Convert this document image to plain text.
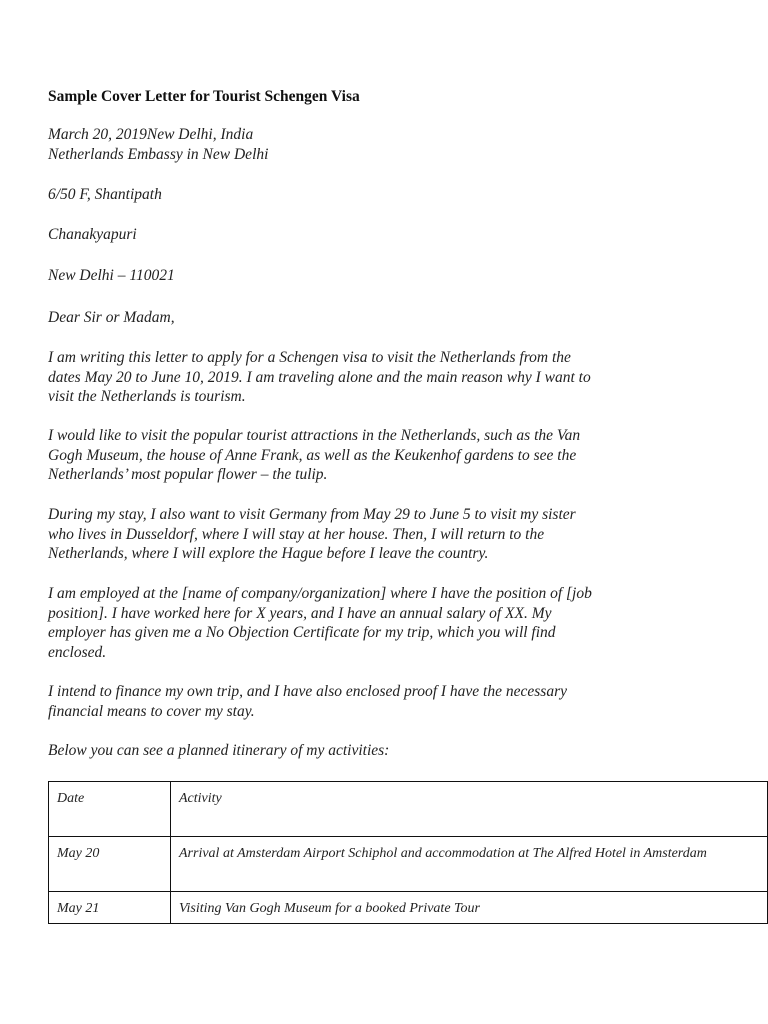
Sample Cover Letter for Tourist Schengen Visa
March 20, 2019New Delhi, India
Netherlands Embassy in New Delhi
6/50 F, Shantipath
Chanakyapuri
New Delhi – 110021
Dear Sir or Madam,

I am writing this letter to apply for a Schengen visa to visit the Netherlands from the

dates May 20 to June 10, 2019. I am traveling alone and the main reason why I want to

visit the Netherlands is tourism.

I would like to visit the popular tourist attractions in the Netherlands, such as the Van

Gogh Museum, the house of Anne Frank, as well as the Keukenhof gardens to see the

Netherlands’ most popular flower – the tulip.

During my stay, I also want to visit Germany from May 29 to June 5 to visit my sister

who lives in Dusseldorf, where I will stay at her house. Then, I will return to the

Netherlands, where I will explore the Hague before I leave the country.

I am employed at the [name of company/organization] where I have the position of [job

position]. I have worked here for X years, and I have an annual salary of XX. My

employer has given me a No Objection Certificate for my trip, which you will find

enclosed.

I intend to finance my own trip, and I have also enclosed proof I have the necessary

financial means to cover my stay.

Below you can see a planned itinerary of my activities:

Date	Activity
May 20	Arrival at Amsterdam Airport Schiphol and accommodation at The Alfred Hotel in Amsterdam
May 21	Visiting Van Gogh Museum for a booked Private Tour
